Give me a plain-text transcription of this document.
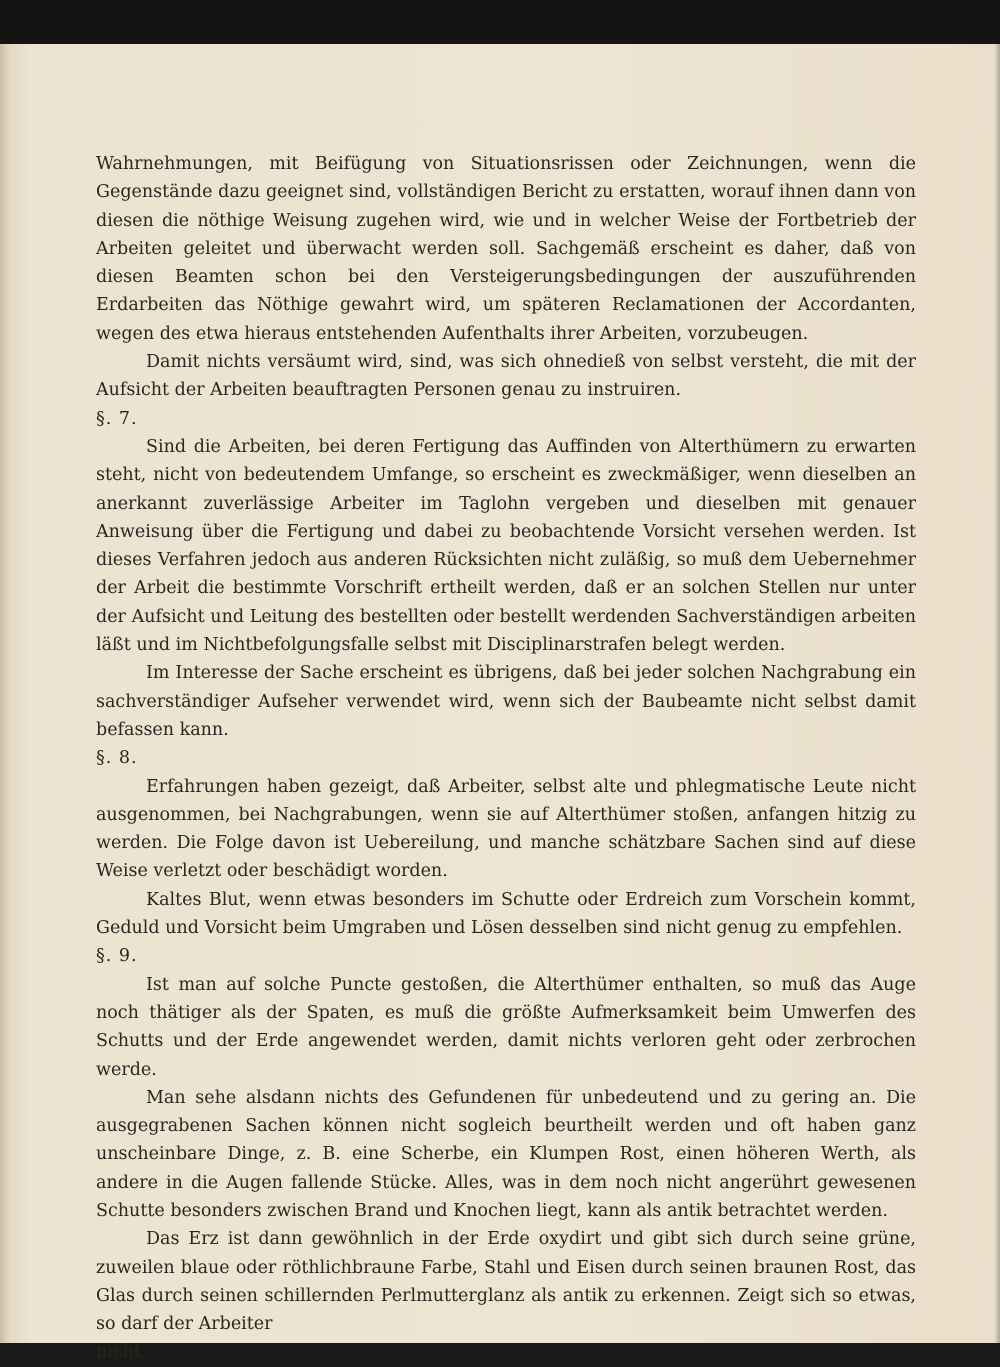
Wahrnehmungen, mit Beifügung von Situationsrissen oder Zeichnungen, wenn die Gegenstände dazu geeignet sind, vollständigen Bericht zu erstatten, worauf ihnen dann von diesen die nöthige Weisung zugehen wird, wie und in welcher Weise der Fortbetrieb der Arbeiten geleitet und überwacht werden soll. Sachgemäß erscheint es daher, daß von diesen Beamten schon bei den Versteigerungsbedingungen der auszuführenden Erdarbeiten das Nöthige gewahrt wird, um späteren Reclamationen der Accordanten, wegen des etwa hieraus entstehenden Aufenthalts ihrer Arbeiten, vorzubeugen.

Damit nichts versäumt wird, sind, was sich ohnedieß von selbst versteht, die mit der Aufsicht der Arbeiten beauftragten Personen genau zu instruiren.

§. 7.

Sind die Arbeiten, bei deren Fertigung das Auffinden von Alterthümern zu erwarten steht, nicht von bedeutendem Umfange, so erscheint es zweckmäßiger, wenn dieselben an anerkannt zuverlässige Arbeiter im Taglohn vergeben und dieselben mit genauer Anweisung über die Fertigung und dabei zu beobachtende Vorsicht versehen werden. Ist dieses Verfahren jedoch aus anderen Rücksichten nicht zuläßig, so muß dem Uebernehmer der Arbeit die bestimmte Vorschrift ertheilt werden, daß er an solchen Stellen nur unter der Aufsicht und Leitung des bestellten oder bestellt werdenden Sachverständigen arbeiten läßt und im Nichtbefolgungsfalle selbst mit Disciplinarstrafen belegt werden.

Im Interesse der Sache erscheint es übrigens, daß bei jeder solchen Nachgrabung ein sachverständiger Aufseher verwendet wird, wenn sich der Baubeamte nicht selbst damit befassen kann.

§. 8.

Erfahrungen haben gezeigt, daß Arbeiter, selbst alte und phlegmatische Leute nicht ausgenommen, bei Nachgrabungen, wenn sie auf Alterthümer stoßen, anfangen hitzig zu werden. Die Folge davon ist Uebereilung, und manche schätzbare Sachen sind auf diese Weise verletzt oder beschädigt worden.

Kaltes Blut, wenn etwas besonders im Schutte oder Erdreich zum Vorschein kommt, Geduld und Vorsicht beim Umgraben und Lösen desselben sind nicht genug zu empfehlen.

§. 9.

Ist man auf solche Puncte gestoßen, die Alterthümer enthalten, so muß das Auge noch thätiger als der Spaten, es muß die größte Aufmerksamkeit beim Umwerfen des Schutts und der Erde angewendet werden, damit nichts verloren geht oder zerbrochen werde.

Man sehe alsdann nichts des Gefundenen für unbedeutend und zu gering an. Die ausgegrabenen Sachen können nicht sogleich beurtheilt werden und oft haben ganz unscheinbare Dinge, z. B. eine Scherbe, ein Klumpen Rost, einen höheren Werth, als andere in die Augen fallende Stücke. Alles, was in dem noch nicht angerührt gewesenen Schutte besonders zwischen Brand und Knochen liegt, kann als antik betrachtet werden.

Das Erz ist dann gewöhnlich in der Erde oxydirt und gibt sich durch seine grüne, zuweilen blaue oder röthlichbraune Farbe, Stahl und Eisen durch seinen braunen Rost, das Glas durch seinen schillernden Perlmutterglanz als antik zu erkennen. Zeigt sich so etwas, so darf der Arbeiter

nicht
